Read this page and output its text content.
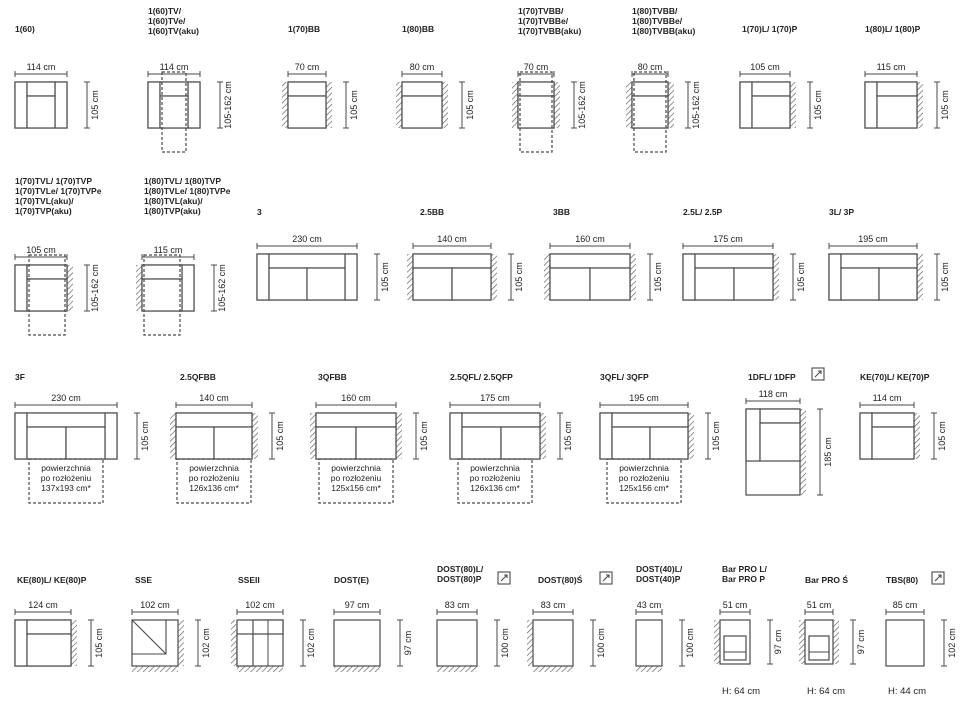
1(60)
114 cm
105 cm
1(60)TV/
1(60)TVe/
1(60)TV(aku)
114 cm
105-162 cm
1(70)BB
70 cm
105 cm
1(80)BB
80 cm
105 cm
1(70)TVBB/
1(70)TVBBe/
1(70)TVBB(aku)
70 cm
105-162 cm
1(80)TVBB/
1(80)TVBBe/
1(80)TVBB(aku)
80 cm
105-162 cm
1(70)L/ 1(70)P
105 cm
105 cm
1(80)L/ 1(80)P
115 cm
105 cm
1(70)TVL/ 1(70)TVP
1(70)TVLe/ 1(70)TVPe
1(70)TVL(aku)/
1(70)TVP(aku)
105 cm
105-162 cm
1(80)TVL/ 1(80)TVP
1(80)TVLe/ 1(80)TVPe
1(80)TVL(aku)/
1(80)TVP(aku)
115 cm
105-162 cm
3
230 cm
105 cm
2.5BB
140 cm
105 cm
3BB
160 cm
105 cm
2.5L/ 2.5P
175 cm
105 cm
3L/ 3P
195 cm
105 cm
3F
230 cm
105 cm
powierzchnia
po rozłożeniu
137x193 cm*
2.5QFBB
140 cm
105 cm
powierzchnia
po rozłożeniu
126x136 cm*
3QFBB
160 cm
105 cm
powierzchnia
po rozłożeniu
125x156 cm*
2.5QFL/ 2.5QFP
175 cm
105 cm
powierzchnia
po rozłożeniu
126x136 cm*
3QFL/ 3QFP
195 cm
105 cm
powierzchnia
po rozłożeniu
125x156 cm*
1DFL/ 1DFP
118 cm
185 cm
KE(70)L/ KE(70)P
114 cm
105 cm
KE(80)L/ KE(80)P
124 cm
105 cm
SSE
102 cm
102 cm
SSEII
102 cm
102 cm
DOST(E)
97 cm
97 cm
DOST(80)L/
DOST(80)P
83 cm
100 cm
DOST(80)Ś
83 cm
100 cm
DOST(40)L/
DOST(40)P
43 cm
100 cm
Bar PRO L/
Bar PRO P
51 cm
97 cm
H: 64 cm
Bar PRO Ś
51 cm
97 cm
H: 64 cm
TBS(80)
85 cm
102 cm
H: 44 cm
